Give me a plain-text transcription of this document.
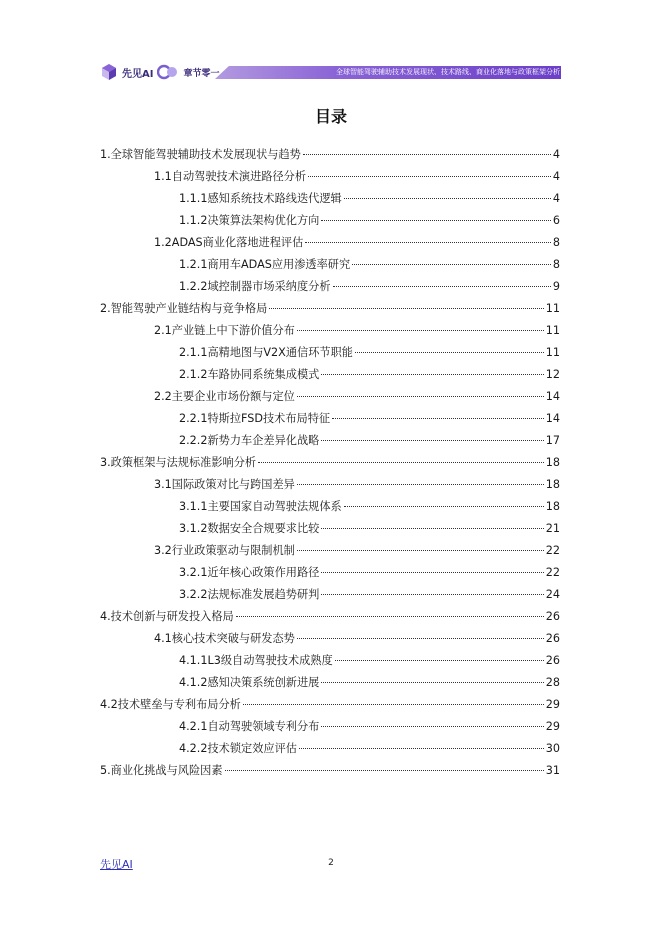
先见AI	章节零一	全球智能驾驶辅助技术发展现状、技术路线、商业化落地与政策框架分析
目录
1.全球智能驾驶辅助技术发展现状与趋势	4
1.1自动驾驶技术演进路径分析	4
1.1.1感知系统技术路线迭代逻辑	4
1.1.2决策算法架构优化方向	6
1.2ADAS商业化落地进程评估	8
1.2.1商用车ADAS应用渗透率研究	8
1.2.2域控制器市场采纳度分析	9
2.智能驾驶产业链结构与竞争格局	11
2.1产业链上中下游价值分布	11
2.1.1高精地图与V2X通信环节职能	11
2.1.2车路协同系统集成模式	12
2.2主要企业市场份额与定位	14
2.2.1特斯拉FSD技术布局特征	14
2.2.2新势力车企差异化战略	17
3.政策框架与法规标准影响分析	18
3.1国际政策对比与跨国差异	18
3.1.1主要国家自动驾驶法规体系	18
3.1.2数据安全合规要求比较	21
3.2行业政策驱动与限制机制	22
3.2.1近年核心政策作用路径	22
3.2.2法规标准发展趋势研判	24
4.技术创新与研发投入格局	26
4.1核心技术突破与研发态势	26
4.1.1L3级自动驾驶技术成熟度	26
4.1.2感知决策系统创新进展	28
4.2技术壁垒与专利布局分析	29
4.2.1自动驾驶领域专利分布	29
4.2.2技术锁定效应评估	30
5.商业化挑战与风险因素	31
先见AI	2
